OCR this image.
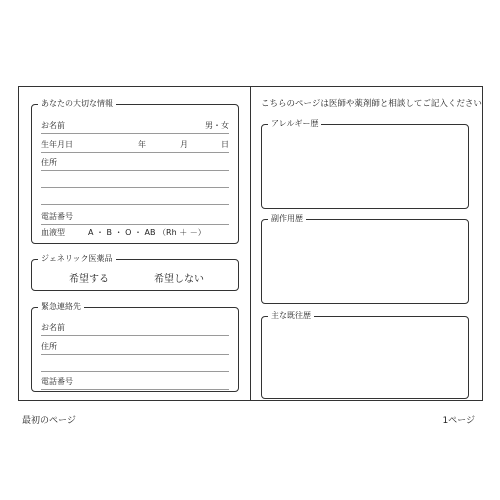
あなたの大切な情報
お名前	男・女
生年月日	年	月	日
住所
電話番号
血液型	A ・ B ・ O ・ AB （Rh ＋ －）
ジェネリック医薬品
希望する	希望しない
緊急連絡先
お名前
住所
電話番号
こちらのページは医師や薬剤師と相談してご記入ください
アレルギー歴
副作用歴
主な既往歴
最初のページ	1ページ
